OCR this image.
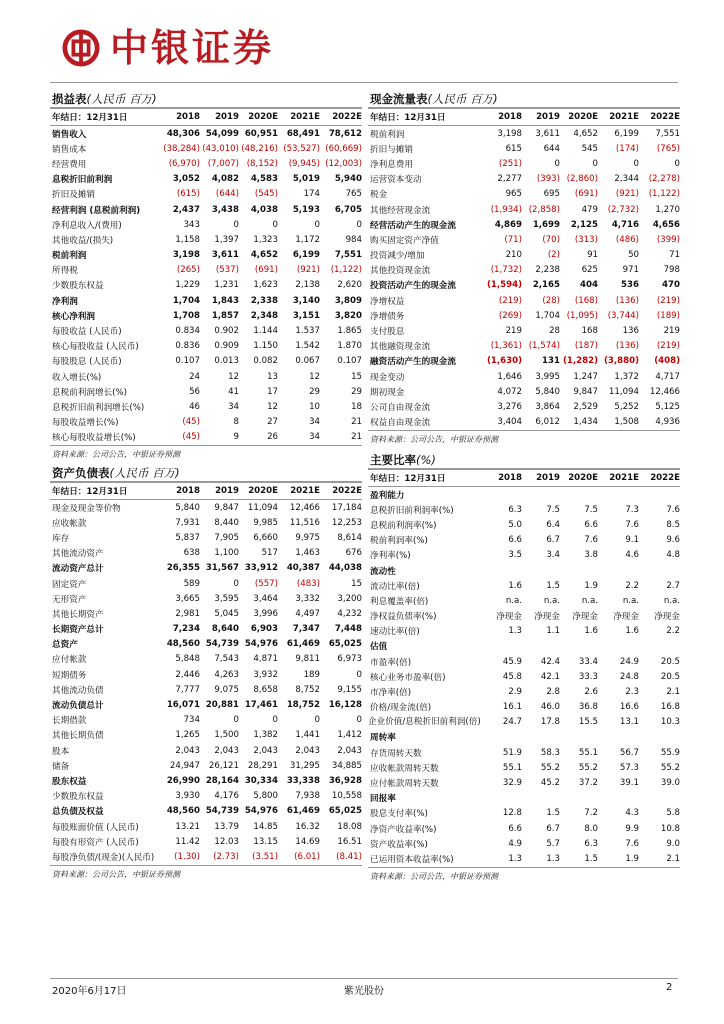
中银证券
损益表(人民币 百万)
年结日：12月31日	2018	2019	2020E	2021E	2022E
销售收入	48,306	54,099	60,951	68,491	78,612
销售成本	(38,284)	(43,010)	(48,216)	(53,527)	(60,669)
经营费用	(6,970)	(7,007)	(8,152)	(9,945)	(12,003)
息税折旧前利润	3,052	4,082	4,583	5,019	5,940
折旧及摊销	(615)	(644)	(545)	174	765
经营利润 (息税前利润)	2,437	3,438	4,038	5,193	6,705
净利息收入/(费用)	343	0	0	0	0
其他收益/(损失)	1,158	1,397	1,323	1,172	984
税前利润	3,198	3,611	4,652	6,199	7,551
所得税	(265)	(537)	(691)	(921)	(1,122)
少数股东权益	1,229	1,231	1,623	2,138	2,620
净利润	1,704	1,843	2,338	3,140	3,809
核心净利润	1,708	1,857	2,348	3,151	3,820
每股收益 (人民币)	0.834	0.902	1.144	1.537	1.865
核心每股收益 (人民币)	0.836	0.909	1.150	1.542	1.870
每股股息 (人民币)	0.107	0.013	0.082	0.067	0.107
收入增长(%)	24	12	13	12	15
息税前利润增长(%)	56	41	17	29	29
息税折旧前利润增长(%)	46	34	12	10	18
每股收益增长(%)	(45)	8	27	34	21
核心每股收益增长(%)	(45)	9	26	34	21
资料来源：公司公告，中银证券预测
现金流量表(人民币 百万)
年结日：12月31日	2018	2019	2020E	2021E	2022E
税前利润	3,198	3,611	4,652	6,199	7,551
折旧与摊销	615	644	545	(174)	(765)
净利息费用	(251)	0	0	0	0
运营资本变动	2,277	(393)	(2,860)	2,344	(2,278)
税金	965	695	(691)	(921)	(1,122)
其他经营现金流	(1,934)	(2,858)	479	(2,732)	1,270
经营活动产生的现金流	4,869	1,699	2,125	4,716	4,656
购买固定资产净值	(71)	(70)	(313)	(486)	(399)
投资减少/增加	210	(2)	91	50	71
其他投资现金流	(1,732)	2,238	625	971	798
投资活动产生的现金流	(1,594)	2,165	404	536	470
净增权益	(219)	(28)	(168)	(136)	(219)
净增债务	(269)	1,704	(1,095)	(3,744)	(189)
支付股息	219	28	168	136	219
其他融资现金流	(1,361)	(1,574)	(187)	(136)	(219)
融资活动产生的现金流	(1,630)	131	(1,282)	(3,880)	(408)
现金变动	1,646	3,995	1,247	1,372	4,717
期初现金	4,072	5,840	9,847	11,094	12,466
公司自由现金流	3,276	3,864	2,529	5,252	5,125
权益自由现金流	3,404	6,012	1,434	1,508	4,936
资料来源：公司公告，中银证券预测
资产负债表(人民币 百万)
年结日：12月31日	2018	2019	2020E	2021E	2022E
现金及现金等价物	5,840	9,847	11,094	12,466	17,184
应收帐款	7,931	8,440	9,985	11,516	12,253
库存	5,837	7,905	6,660	9,975	8,614
其他流动资产	638	1,100	517	1,463	676
流动资产总计	26,355	31,567	33,912	40,387	44,038
固定资产	589	0	(557)	(483)	15
无形资产	3,665	3,595	3,464	3,332	3,200
其他长期资产	2,981	5,045	3,996	4,497	4,232
长期资产总计	7,234	8,640	6,903	7,347	7,448
总资产	48,560	54,739	54,976	61,469	65,025
应付帐款	5,848	7,543	4,871	9,811	6,973
短期债务	2,446	4,263	3,932	189	0
其他流动负债	7,777	9,075	8,658	8,752	9,155
流动负债总计	16,071	20,881	17,461	18,752	16,128
长期借款	734	0	0	0	0
其他长期负债	1,265	1,500	1,382	1,441	1,412
股本	2,043	2,043	2,043	2,043	2,043
储备	24,947	26,121	28,291	31,295	34,885
股东权益	26,990	28,164	30,334	33,338	36,928
少数股东权益	3,930	4,176	5,800	7,938	10,558
总负债及权益	48,560	54,739	54,976	61,469	65,025
每股账面价值 (人民币)	13.21	13.79	14.85	16.32	18.08
每股有形资产 (人民币)	11.42	12.03	13.15	14.69	16.51
每股净负债/(现金)(人民币)	(1.30)	(2.73)	(3.51)	(6.01)	(8.41)
资料来源：公司公告，中银证券预测
主要比率(%)
年结日：12月31日	2018	2019	2020E	2021E	2022E
盈利能力					
息税折旧前利润率(%)	6.3	7.5	7.5	7.3	7.6
息税前利润率(%)	5.0	6.4	6.6	7.6	8.5
税前利润率(%)	6.6	6.7	7.6	9.1	9.6
净利率(%)	3.5	3.4	3.8	4.6	4.8
流动性					
流动比率(倍)	1.6	1.5	1.9	2.2	2.7
利息覆盖率(倍)	n.a.	n.a.	n.a.	n.a.	n.a.
净权益负债率(%)	净现金	净现金	净现金	净现金	净现金
速动比率(倍)	1.3	1.1	1.6	1.6	2.2
估值					
市盈率(倍)	45.9	42.4	33.4	24.9	20.5
核心业务市盈率(倍)	45.8	42.1	33.3	24.8	20.5
市净率(倍)	2.9	2.8	2.6	2.3	2.1
价格/现金流(倍)	16.1	46.0	36.8	16.6	16.8
企业价值/息税折旧前利润(倍)	24.7	17.8	15.5	13.1	10.3
周转率					
存货周转天数	51.9	58.3	55.1	56.7	55.9
应收帐款周转天数	55.1	55.2	55.2	57.3	55.2
应付帐款周转天数	32.9	45.2	37.2	39.1	39.0
回报率					
股息支付率(%)	12.8	1.5	7.2	4.3	5.8
净资产收益率(%)	6.6	6.7	8.0	9.9	10.8
资产收益率(%)	4.9	5.7	6.3	7.6	9.0
已运用资本收益率(%)	1.3	1.3	1.5	1.9	2.1
资料来源：公司公告，中银证券预测
2020年6月17日	紫光股份	2
